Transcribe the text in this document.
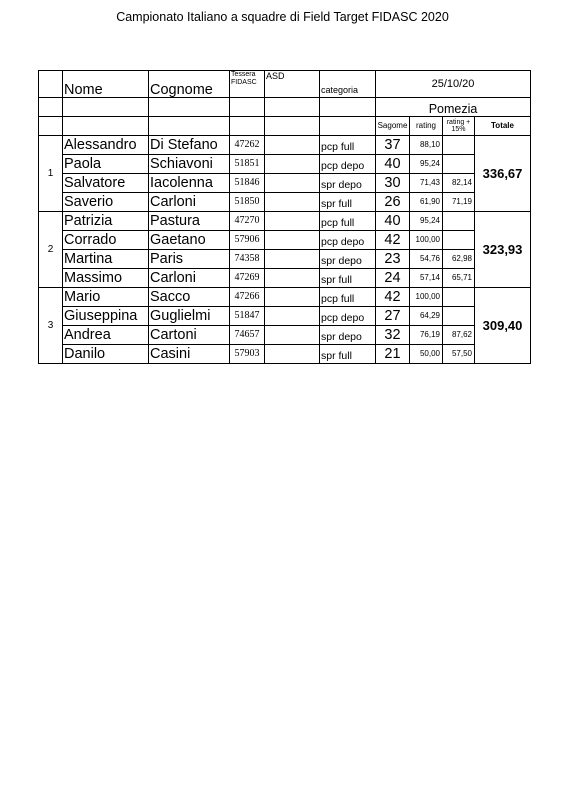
Campionato Italiano a squadre di Field Target FIDASC 2020
	Nome	Cognome	Tessera FIDASC	ASD	categoria	25/10/20			
						Pomezia			
						Sagome	rating	rating + 15%	Totale
1	Alessandro	Di Stefano	47262		pcp full	37	88,10		336,67
	Paola	Schiavoni	51851		pcp depo	40	95,24		
	Salvatore	Iacolenna	51846		spr depo	30	71,43	82,14	
	Saverio	Carloni	51850		spr full	26	61,90	71,19	
2	Patrizia	Pastura	47270		pcp full	40	95,24		323,93
	Corrado	Gaetano	57906		pcp depo	42	100,00		
	Martina	Paris	74358		spr depo	23	54,76	62,98	
	Massimo	Carloni	47269		spr full	24	57,14	65,71	
3	Mario	Sacco	47266		pcp full	42	100,00		309,40
	Giuseppina	Guglielmi	51847		pcp depo	27	64,29		
	Andrea	Cartoni	74657		spr depo	32	76,19	87,62	
	Danilo	Casini	57903		spr full	21	50,00	57,50	
